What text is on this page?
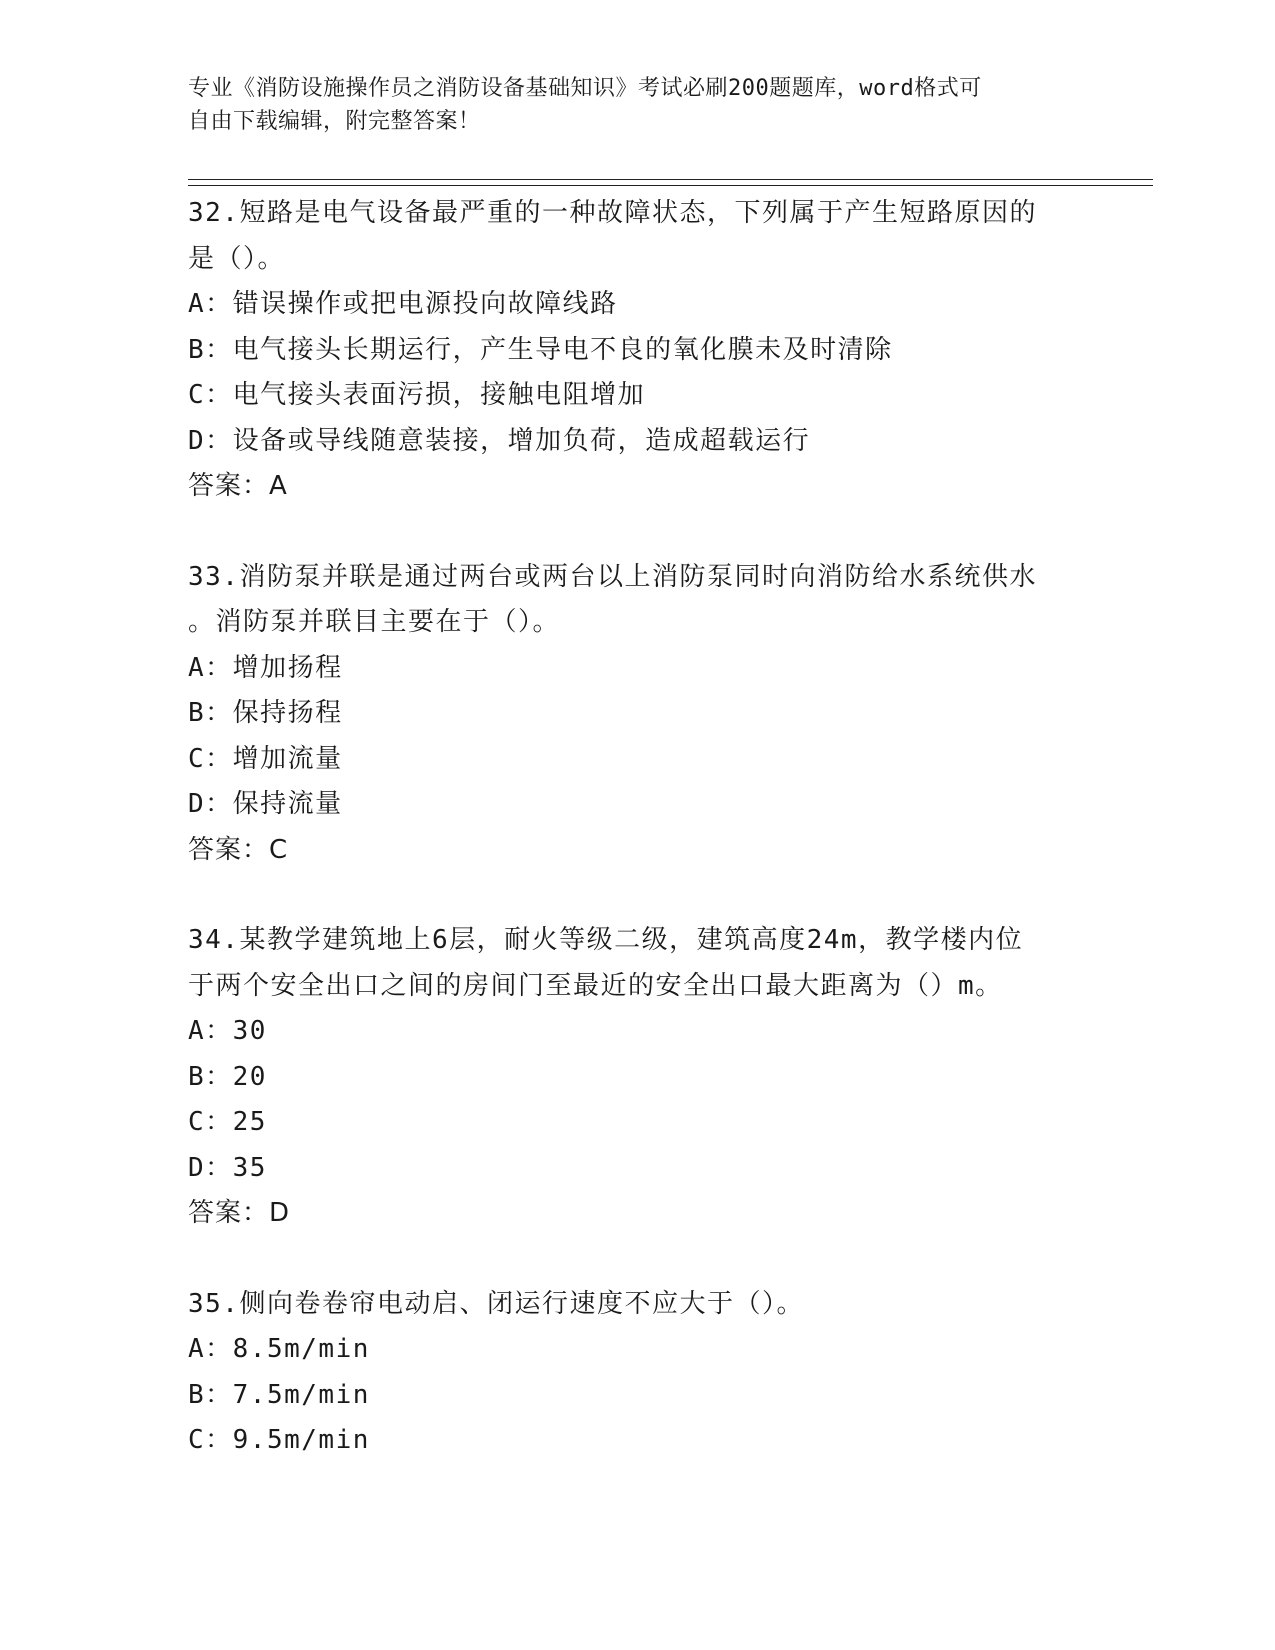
专业《消防设施操作员之消防设备基础知识》考试必刷200题题库，word格式可
自由下载编辑，附完整答案！
32.短路是电气设备最严重的一种故障状态，下列属于产生短路原因的
是（）。
A：错误操作或把电源投向故障线路
B：电气接头长期运行，产生导电不良的氧化膜未及时清除
C：电气接头表面污损，接触电阻增加
D：设备或导线随意装接，增加负荷，造成超载运行
答案：A
33.消防泵并联是通过两台或两台以上消防泵同时向消防给水系统供水
。消防泵并联目主要在于（）。
A：增加扬程
B：保持扬程
C：增加流量
D：保持流量
答案：C
34.某教学建筑地上6层，耐火等级二级，建筑高度24m，教学楼内位
于两个安全出口之间的房间门至最近的安全出口最大距离为（）m。
A：30
B：20
C：25
D：35
答案：D
35.侧向卷卷帘电动启、闭运行速度不应大于（）。
A：8.5m/min
B：7.5m/min
C：9.5m/min
